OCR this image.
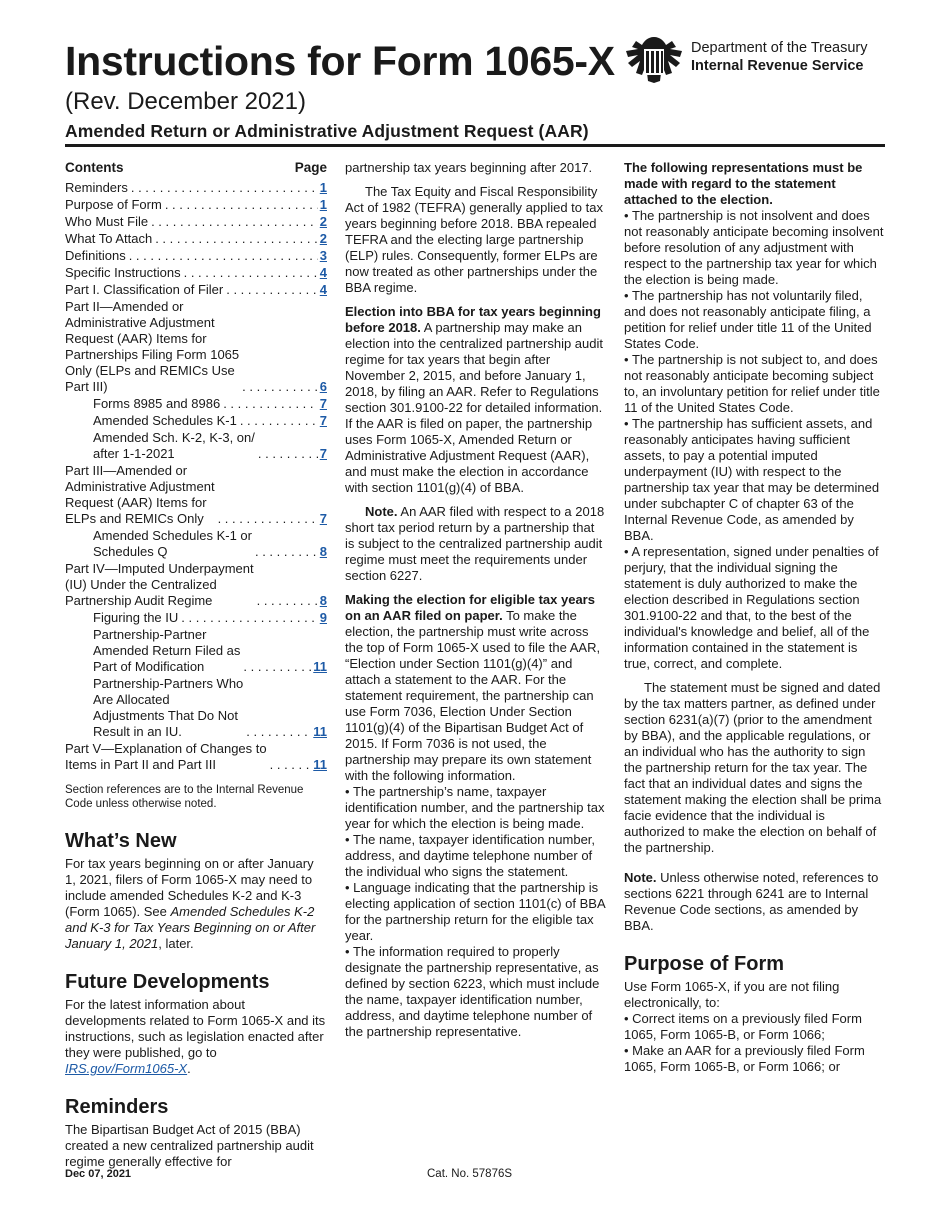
Instructions for Form 1065-X
(Rev. December 2021)
Amended Return or Administrative Adjustment Request (AAR)
Department of the Treasury
Internal Revenue Service
Contents	Page
Reminders . . .	1
Purpose of Form . . .	1
Who Must File . . .	2
What To Attach . . .	2
Definitions . . .	3
Specific Instructions . . .	4
Part I. Classification of Filer . . .	4
Part II—Amended or
Administrative Adjustment
Request (AAR) Items for
Partnerships Filing Form 1065
Only (ELPs and REMICs Use
Part III) . . .	6
Forms 8985 and 8986 . . .	7
Amended Schedules K-1 . . .	7
Amended Sch. K-2, K-3, on/
after 1-1-2021 . . .	7
Part III—Amended or
Administrative Adjustment
Request (AAR) Items for
ELPs and REMICs Only . . .	7
Amended Schedules K-1 or
Schedules Q . . .	8
Part IV—Imputed Underpayment
(IU) Under the Centralized
Partnership Audit Regime . . .	8
Figuring the IU . . .	9
Partnership-Partner
Amended Return Filed as
Part of Modification . . .	11
Partnership-Partners Who
Are Allocated
Adjustments That Do Not
Result in an IU. . . .	11
Part V—Explanation of Changes to
Items in Part II and Part III . . .	11
Section references are to the Internal Revenue Code unless otherwise noted.
What’s New

For tax years beginning on or after January 1, 2021, filers of Form 1065-X may need to include amended Schedules K-2 and K-3 (Form 1065). See Amended Schedules K-2 and K-3 for Tax Years Beginning on or After January 1, 2021, later.

Future Developments

For the latest information about developments related to Form 1065-X and its instructions, such as legislation enacted after they were published, go to IRS.gov/Form1065-X.

Reminders

The Bipartisan Budget Act of 2015 (BBA) created a new centralized partnership audit regime generally effective for

partnership tax years beginning after 2017.

The Tax Equity and Fiscal Responsibility Act of 1982 (TEFRA) generally applied to tax years beginning before 2018. BBA repealed TEFRA and the electing large partnership (ELP) rules. Consequently, former ELPs are now treated as other partnerships under the BBA regime.

Election into BBA for tax years beginning before 2018. A partnership may make an election into the centralized partnership audit regime for tax years that begin after November 2, 2015, and before January 1, 2018, by filing an AAR. Refer to Regulations section 301.9100-22 for detailed information. If the AAR is filed on paper, the partnership uses Form 1065-X, Amended Return or Administrative Adjustment Request (AAR), and must make the election in accordance with section 1101(g)(4) of BBA.

Note. An AAR filed with respect to a 2018 short tax period return by a partnership that is subject to the centralized partnership audit regime must meet the requirements under section 6227.

Making the election for eligible tax years on an AAR filed on paper. To make the election, the partnership must write across the top of Form 1065-X used to file the AAR, “Election under Section 1101(g)(4)” and attach a statement to the AAR. For the statement requirement, the partnership can use Form 7036, Election Under Section 1101(g)(4) of the Bipartisan Budget Act of 2015. If Form 7036 is not used, the partnership may prepare its own statement with the following information.

• The partnership’s name, taxpayer identification number, and the partnership tax year for which the election is being made.
• The name, taxpayer identification number, address, and daytime telephone number of the individual who signs the statement.
• Language indicating that the partnership is electing application of section 1101(c) of BBA for the partnership return for the eligible tax year.
• The information required to properly designate the partnership representative, as defined by section 6223, which must include the name, taxpayer identification number, address, and daytime telephone number of the partnership representative.

The following representations must be made with regard to the statement attached to the election.

• The partnership is not insolvent and does not reasonably anticipate becoming insolvent before resolution of any adjustment with respect to the partnership tax year for which the election is being made.
• The partnership has not voluntarily filed, and does not reasonably anticipate filing, a petition for relief under title 11 of the United States Code.
• The partnership is not subject to, and does not reasonably anticipate becoming subject to, an involuntary petition for relief under title 11 of the United States Code.
• The partnership has sufficient assets, and reasonably anticipates having sufficient assets, to pay a potential imputed underpayment (IU) with respect to the partnership tax year that may be determined under subchapter C of chapter 63 of the Internal Revenue Code, as amended by BBA.
• A representation, signed under penalties of perjury, that the individual signing the statement is duly authorized to make the election described in Regulations section 301.9100-22 and that, to the best of the individual's knowledge and belief, all of the information contained in the statement is true, correct, and complete.

The statement must be signed and dated by the tax matters partner, as defined under section 6231(a)(7) (prior to the amendment by BBA), and the applicable regulations, or an individual who has the authority to sign the partnership return for the tax year. The fact that an individual dates and signs the statement making the election shall be prima facie evidence that the individual is authorized to make the election on behalf of the partnership.

Note. Unless otherwise noted, references to sections 6221 through 6241 are to Internal Revenue Code sections, as amended by BBA.

Purpose of Form

Use Form 1065-X, if you are not filing electronically, to:

• Correct items on a previously filed Form 1065, Form 1065-B, or Form 1066;
• Make an AAR for a previously filed Form 1065, Form 1065-B, or Form 1066; or
Dec 07, 2021	Cat. No. 57876S
